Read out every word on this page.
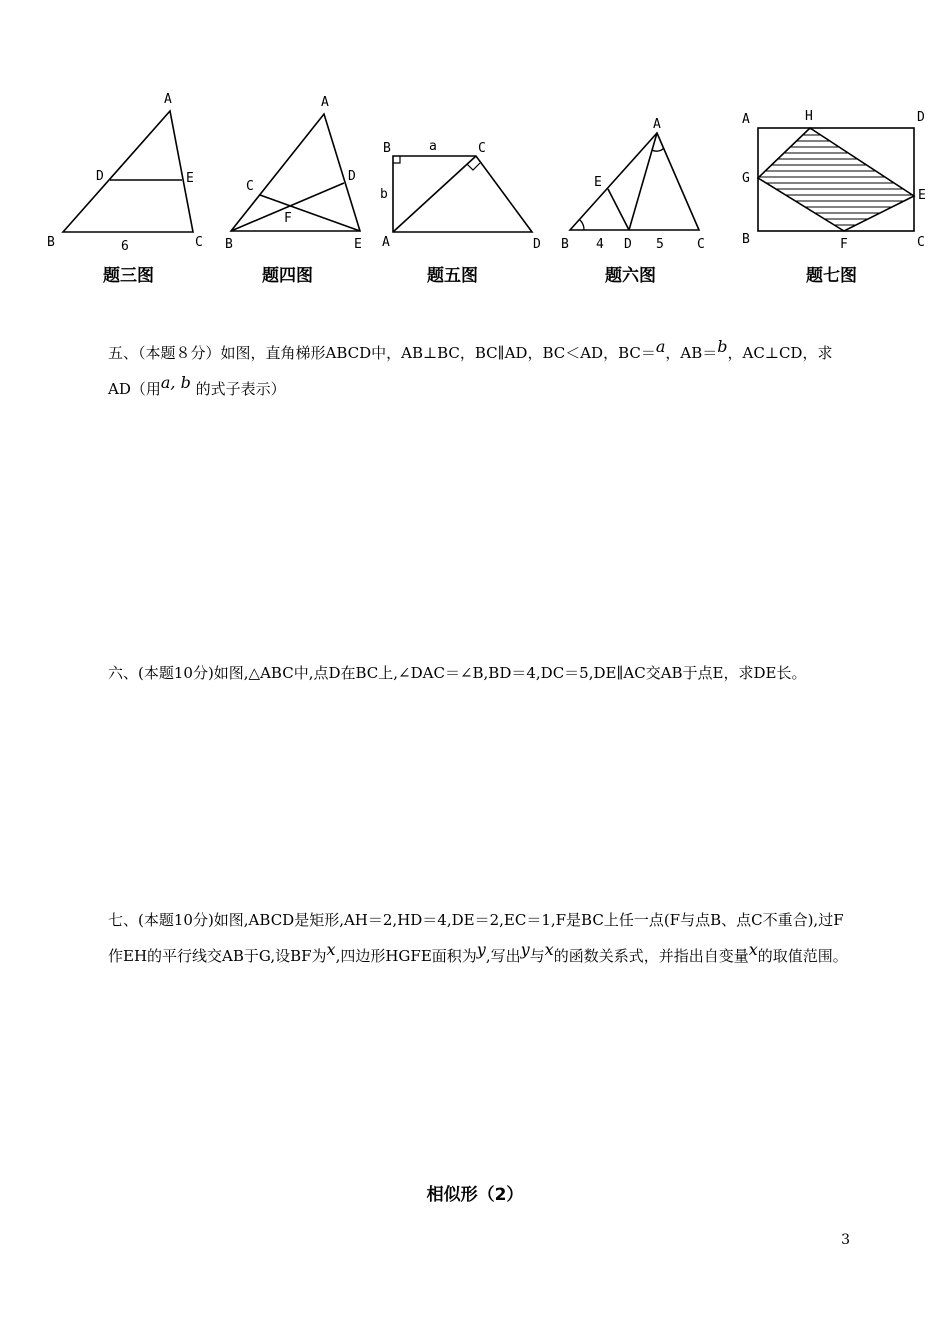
A
D	E
B	C
6
题三图
A
C
D
F
B	E
题四图
B	a	C
b
A	D
题五图
A
E
B 4 D 5	C
题六图
A	H	D
G
E
B	F	C
题七图

五、（本题８分）如图，直角梯形ABCD中，AB⊥BC，BC∥AD，BC＜AD，BC＝a，AB＝b，AC⊥CD，求AD（用a, b 的式子表示）

六、(本题10分)如图,△ABC中,点D在BC上,∠DAC＝∠B,BD＝4,DC＝5,DE∥AC交AB于点E，求DE长。

七、(本题10分)如图,ABCD是矩形,AH＝2,HD＝4,DE＝2,EC＝1,F是BC上任一点(F与点B、点C不重合),过F作EH的平行线交AB于G,设BF为x,四边形HGFE面积为y,写出y与x的函数关系式，并指出自变量x的取值范围。

相似形（2）
3
